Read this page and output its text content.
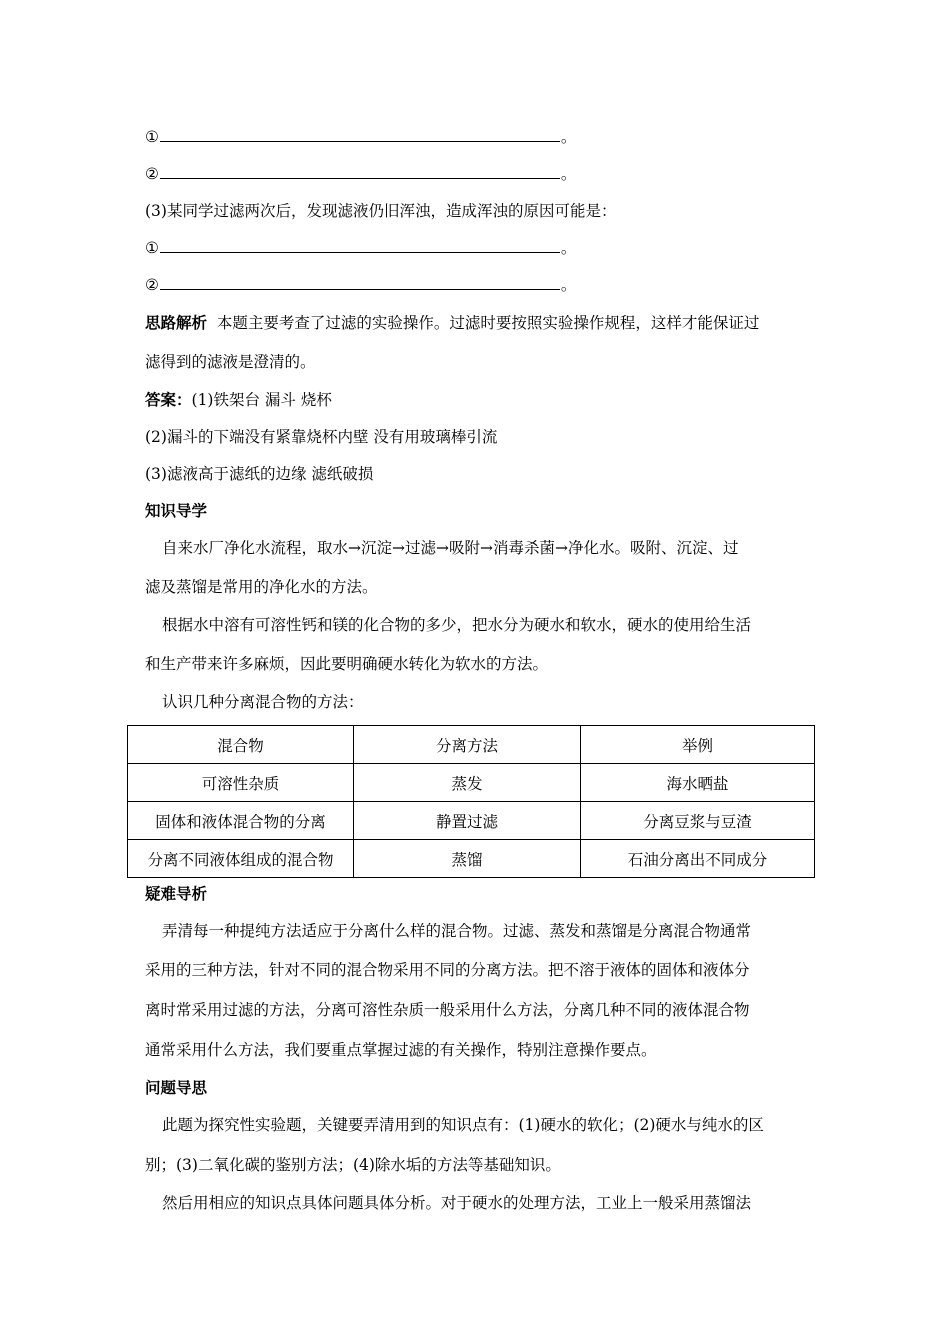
①	。
②	。
(3)某同学过滤两次后，发现滤液仍旧浑浊，造成浑浊的原因可能是：
①	。
②	。
思路解析 本题主要考查了过滤的实验操作。过滤时要按照实验操作规程，这样才能保证过
滤得到的滤液是澄清的。
答案：(1)铁架台 漏斗 烧杯
(2)漏斗的下端没有紧靠烧杯内壁 没有用玻璃棒引流
(3)滤液高于滤纸的边缘 滤纸破损
知识导学
自来水厂净化水流程，取水→沉淀→过滤→吸附→消毒杀菌→净化水。吸附、沉淀、过
滤及蒸馏是常用的净化水的方法。
根据水中溶有可溶性钙和镁的化合物的多少，把水分为硬水和软水，硬水的使用给生活
和生产带来许多麻烦，因此要明确硬水转化为软水的方法。
认识几种分离混合物的方法：
混合物	分离方法	举例
可溶性杂质	蒸发	海水晒盐
固体和液体混合物的分离	静置过滤	分离豆浆与豆渣
分离不同液体组成的混合物	蒸馏	石油分离出不同成分
疑难导析
弄清每一种提纯方法适应于分离什么样的混合物。过滤、蒸发和蒸馏是分离混合物通常
采用的三种方法，针对不同的混合物采用不同的分离方法。把不溶于液体的固体和液体分
离时常采用过滤的方法，分离可溶性杂质一般采用什么方法，分离几种不同的液体混合物
通常采用什么方法，我们要重点掌握过滤的有关操作，特别注意操作要点。
问题导思
此题为探究性实验题，关键要弄清用到的知识点有：(1)硬水的软化；(2)硬水与纯水的区
别；(3)二氧化碳的鉴别方法；(4)除水垢的方法等基础知识。
然后用相应的知识点具体问题具体分析。对于硬水的处理方法，工业上一般采用蒸馏法
